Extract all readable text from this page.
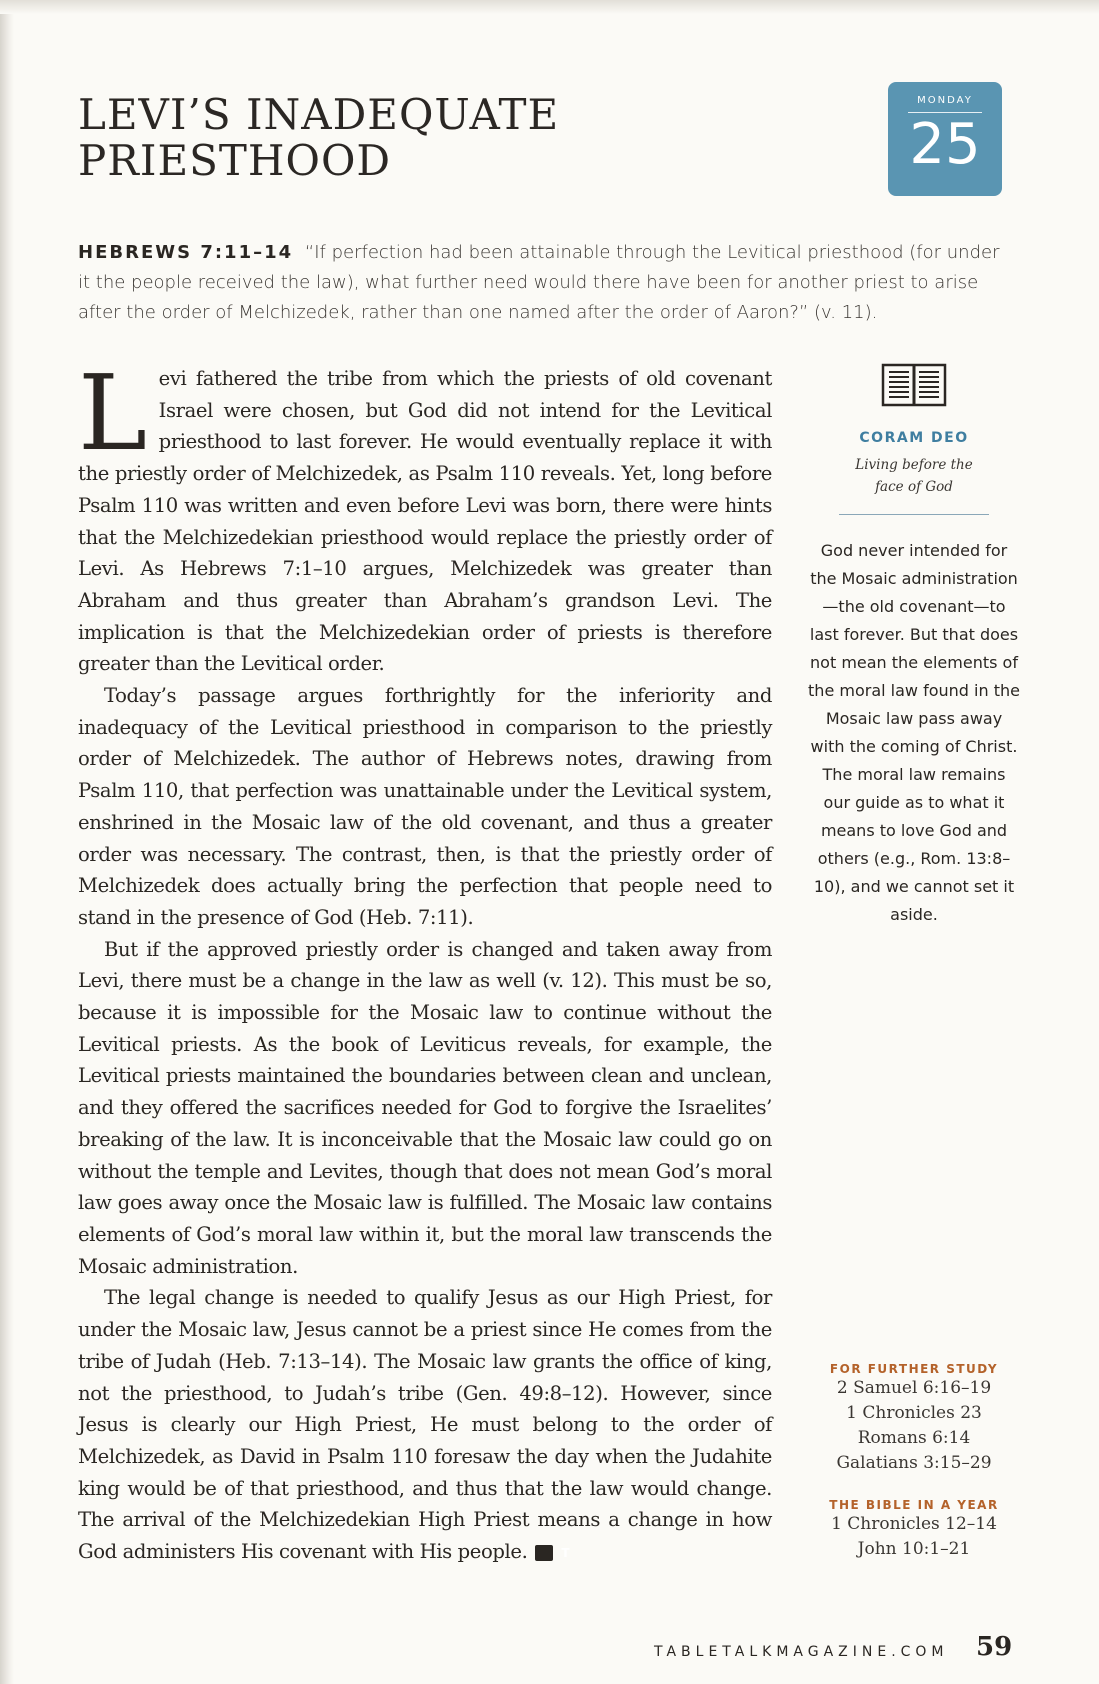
LEVI’S INADEQUATE
PRIESTHOOD
MONDAY
25
HEBREWS 7:11–14 “If perfection had been attainable through the Levitical priesthood (for under it the people received the law), what further need would there have been for another priest to arise after the order of Melchizedek, rather than one named after the order of Aaron?” (v. 11).

Levi fathered the tribe from which the priests of old covenant Israel were chosen, but God did not intend for the Levitical priesthood to last forever. He would eventually replace it with the priestly order of Melchizedek, as Psalm 110 reveals. Yet, long before Psalm 110 was written and even before Levi was born, there were hints that the Melchizedekian priesthood would replace the priestly order of Levi. As Hebrews 7:1–10 argues, Melchizedek was greater than Abraham and thus greater than Abraham’s grandson Levi. The implication is that the Melchizedekian order of priests is therefore greater than the Levitical order.

Today’s passage argues forthrightly for the inferiority and inadequacy of the Levitical priesthood in comparison to the priestly order of Melchizedek. The author of Hebrews notes, drawing from Psalm 110, that perfection was unattainable under the Levitical system, enshrined in the Mosaic law of the old covenant, and thus a greater order was necessary. The contrast, then, is that the priestly order of Melchizedek does actually bring the perfection that people need to stand in the presence of God (Heb. 7:11).

But if the approved priestly order is changed and taken away from Levi, there must be a change in the law as well (v. 12). This must be so, because it is impossible for the Mosaic law to continue without the Levitical priests. As the book of Leviticus reveals, for example, the Levitical priests maintained the boundaries between clean and unclean, and they offered the sacrifices needed for God to forgive the Israelites’ breaking of the law. It is inconceivable that the Mosaic law could go on without the temple and Levites, though that does not mean God’s moral law goes away once the Mosaic law is fulfilled. The Mosaic law contains elements of God’s moral law within it, but the moral law transcends the Mosaic administration.

The legal change is needed to qualify Jesus as our High Priest, for under the Mosaic law, Jesus cannot be a priest since He comes from the tribe of Judah (Heb. 7:13–14). The Mosaic law grants the office of king, not the priesthood, to Judah’s tribe (Gen. 49:8–12). However, since Jesus is clearly our High Priest, He must belong to the order of Melchizedek, as David in Psalm 110 foresaw the day when the Judahite king would be of that priesthood, and thus that the law would change. The arrival of the Melchizedekian High Priest means a change in how God administers His covenant with His people.	T

CORAM DEO
Living before the
face of God
God never intended for the Mosaic administration—the old covenant—to last forever. But that does not mean the elements of the moral law found in the Mosaic law pass away with the coming of Christ. The moral law remains our guide as to what it means to love God and others (e.g., Rom. 13:8–10), and we cannot set it aside.
FOR FURTHER STUDY
2 Samuel 6:16–19
1 Chronicles 23
Romans 6:14
Galatians 3:15–29
THE BIBLE IN A YEAR
1 Chronicles 12–14
John 10:1–21
TABLETALKMAGAZINE.COM 59
